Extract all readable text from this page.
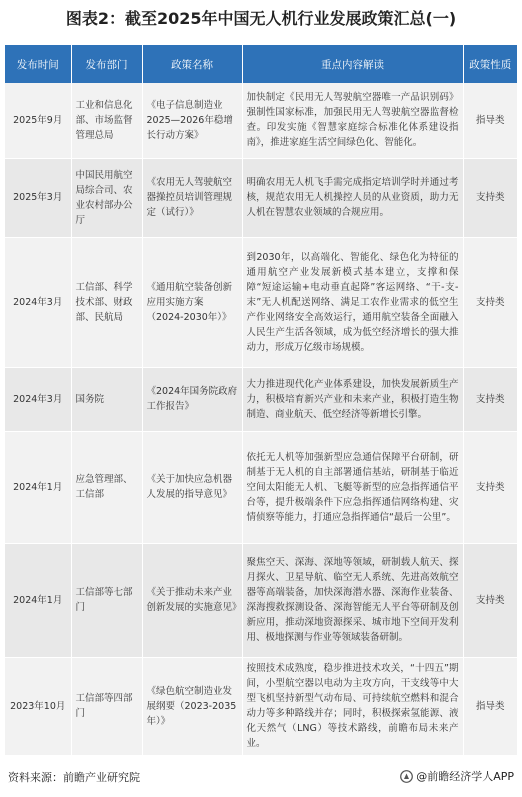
图表2：截至2025年中国无人机行业发展政策汇总(一)
发布时间	发布部门	政策名称	重点内容解读	政策性质
2025年9月	工业和信息化部、市场监督管理总局	《电子信息制造业2025—2026年稳增长行动方案》	加快制定《民用无人驾驶航空器唯一产品识别码》强制性国家标准，加强民用无人驾驶航空器监督检查。印发实施《智慧家庭综合标准化体系建设指南》，推进家庭生活空间绿色化、智能化。	指导类
2025年3月	中国民用航空局综合司、农业农村部办公厅	《农用无人驾驶航空器操控员培训管理规定（试行）》	明确农用无人机飞手需完成指定培训学时并通过考核，规范农用无人机操控人员的从业资质，助力无人机在智慧农业领域的合规应用。	支持类
2024年3月	工信部、科学技术部、财政部、民航局	《通用航空装备创新应用实施方案（2024-2030年）》	到2030年，以高端化、智能化、绿色化为特征的通用航空产业发展新模式基本建立，支撑和保障“短途运输+电动垂直起降”客运网络、“干-支-末”无人机配送网络、满足工农作业需求的低空生产作业网络安全高效运行，通用航空装备全面融入人民生产生活各领域，成为低空经济增长的强大推动力，形成万亿级市场规模。	支持类
2024年3月	国务院	《2024年国务院政府工作报告》	大力推进现代化产业体系建设，加快发展新质生产力，积极培育新兴产业和未来产业，积极打造生物制造、商业航天、低空经济等新增长引擎。	支持类
2024年1月	应急管理部、工信部	《关于加快应急机器人发展的指导意见》	依托无人机等加强新型应急通信保障平台研制，研制基于无人机的自主部署通信基站，研制基于临近空间太阳能无人机、飞艇等新型的应急指挥通信平台等，提升极端条件下应急指挥通信网络构建、灾情侦察等能力，打通应急指挥通信“最后一公里”。	支持类
2024年1月	工信部等七部门	《关于推动未来产业创新发展的实施意见》	聚焦空天、深海、深地等领域，研制载人航天、探月探火、卫星导航、临空无人系统、先进高效航空器等高端装备，加快深海潜水器、深海作业装备、深海搜救探测设备、深海智能无人平台等研制及创新应用，推动深地资源探采、城市地下空间开发利用、极地探测与作业等领域装备研制。	支持类
2023年10月	工信部等四部门	《绿色航空制造业发展纲要（2023-2035年）》	按照技术成熟度，稳步推进技术攻关，“十四五”期间，小型航空器以电动为主攻方向，干支线等中大型飞机坚持新型气动布局、可持续航空燃料和混合动力等多种路线并存；同时，积极探索氢能源、液化天然气（LNG）等技术路线，前瞻布局未来产业。	指导类
资料来源：前瞻产业研究院	@前瞻经济学人APP
